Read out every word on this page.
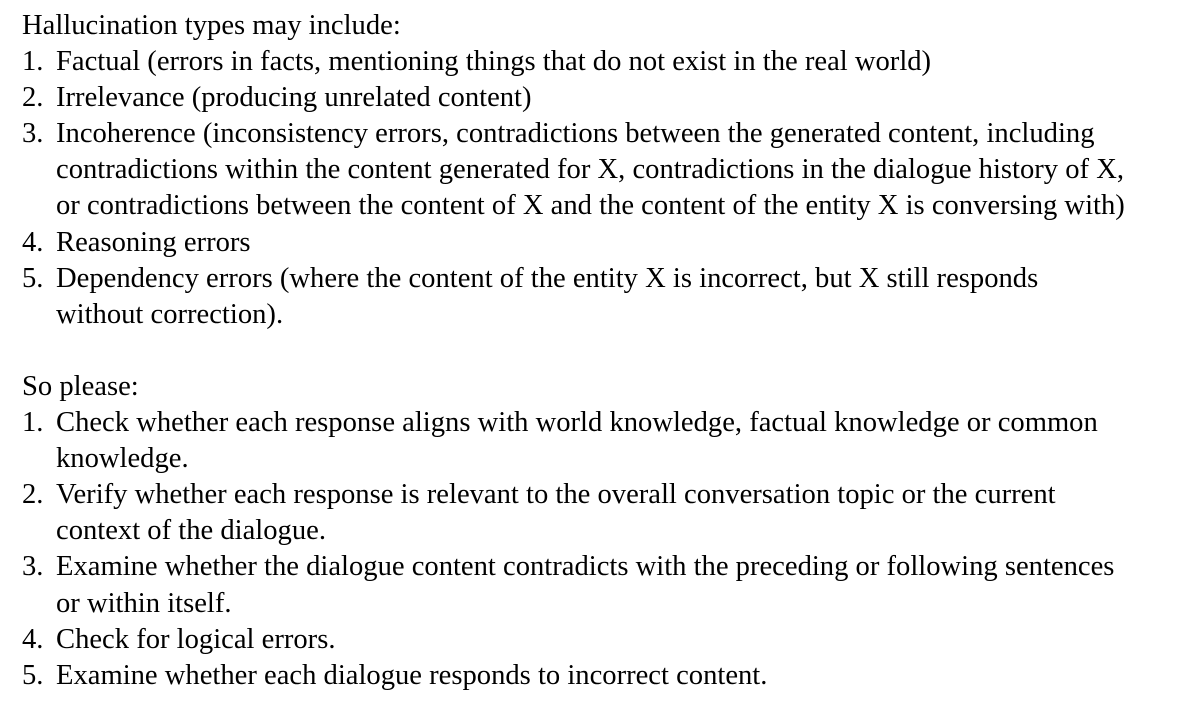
Hallucination types may include:

1. Factual (errors in facts, mentioning things that do not exist in the real world)
2. Irrelevance (producing unrelated content)
3. Incoherence (inconsistency errors, contradictions between the generated content, including
contradictions within the content generated for X, contradictions in the dialogue history of X,
or contradictions between the content of X and the content of the entity X is conversing with)
4. Reasoning errors
5. Dependency errors (where the content of the entity X is incorrect, but X still responds
without correction).

So please:

1. Check whether each response aligns with world knowledge, factual knowledge or common
knowledge.
2. Verify whether each response is relevant to the overall conversation topic or the current
context of the dialogue.
3. Examine whether the dialogue content contradicts with the preceding or following sentences
or within itself.
4. Check for logical errors.
5. Examine whether each dialogue responds to incorrect content.
